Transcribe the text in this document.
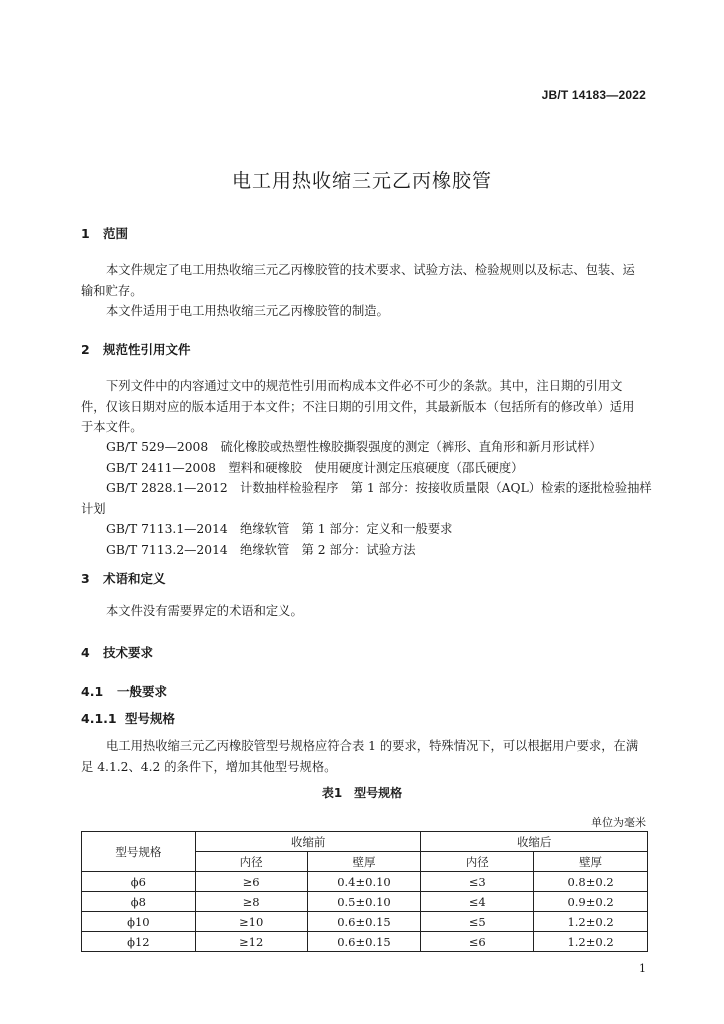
JB/T 14183—2022
电工用热收缩三元乙丙橡胶管
1 范围
本文件规定了电工用热收缩三元乙丙橡胶管的技术要求、试验方法、检验规则以及标志、包装、运
输和贮存。
本文件适用于电工用热收缩三元乙丙橡胶管的制造。
2 规范性引用文件
下列文件中的内容通过文中的规范性引用而构成本文件必不可少的条款。其中，注日期的引用文
件，仅该日期对应的版本适用于本文件；不注日期的引用文件，其最新版本（包括所有的修改单）适用
于本文件。
GB/T 529—2008　 硫化橡胶或热塑性橡胶撕裂强度的测定（裤形、直角形和新月形试样）
GB/T 2411—2008　 塑料和硬橡胶　使用硬度计测定压痕硬度（邵氏硬度）
GB/T 2828.1—2012　 计数抽样检验程序　第 1 部分：按接收质量限（AQL）检索的逐批检验抽样
计划
GB/T 7113.1—2014　 绝缘软管　第 1 部分：定义和一般要求
GB/T 7113.2—2014　 绝缘软管　第 2 部分：试验方法
3 术语和定义
本文件没有需要界定的术语和定义。
4 技术要求
4.1 一般要求
4.1.1 型号规格
电工用热收缩三元乙丙橡胶管型号规格应符合表 1 的要求，特殊情况下，可以根据用户要求，在满
足 4.1.2、4.2 的条件下，增加其他型号规格。
表1　型号规格
单位为毫米
型号规格	收缩前		收缩后	
	内径	壁厚	内径	壁厚
ϕ6	≥6	0.4±0.10	≤3	0.8±0.2
ϕ8	≥8	0.5±0.10	≤4	0.9±0.2
ϕ10	≥10	0.6±0.15	≤5	1.2±0.2
ϕ12	≥12	0.6±0.15	≤6	1.2±0.2
1
